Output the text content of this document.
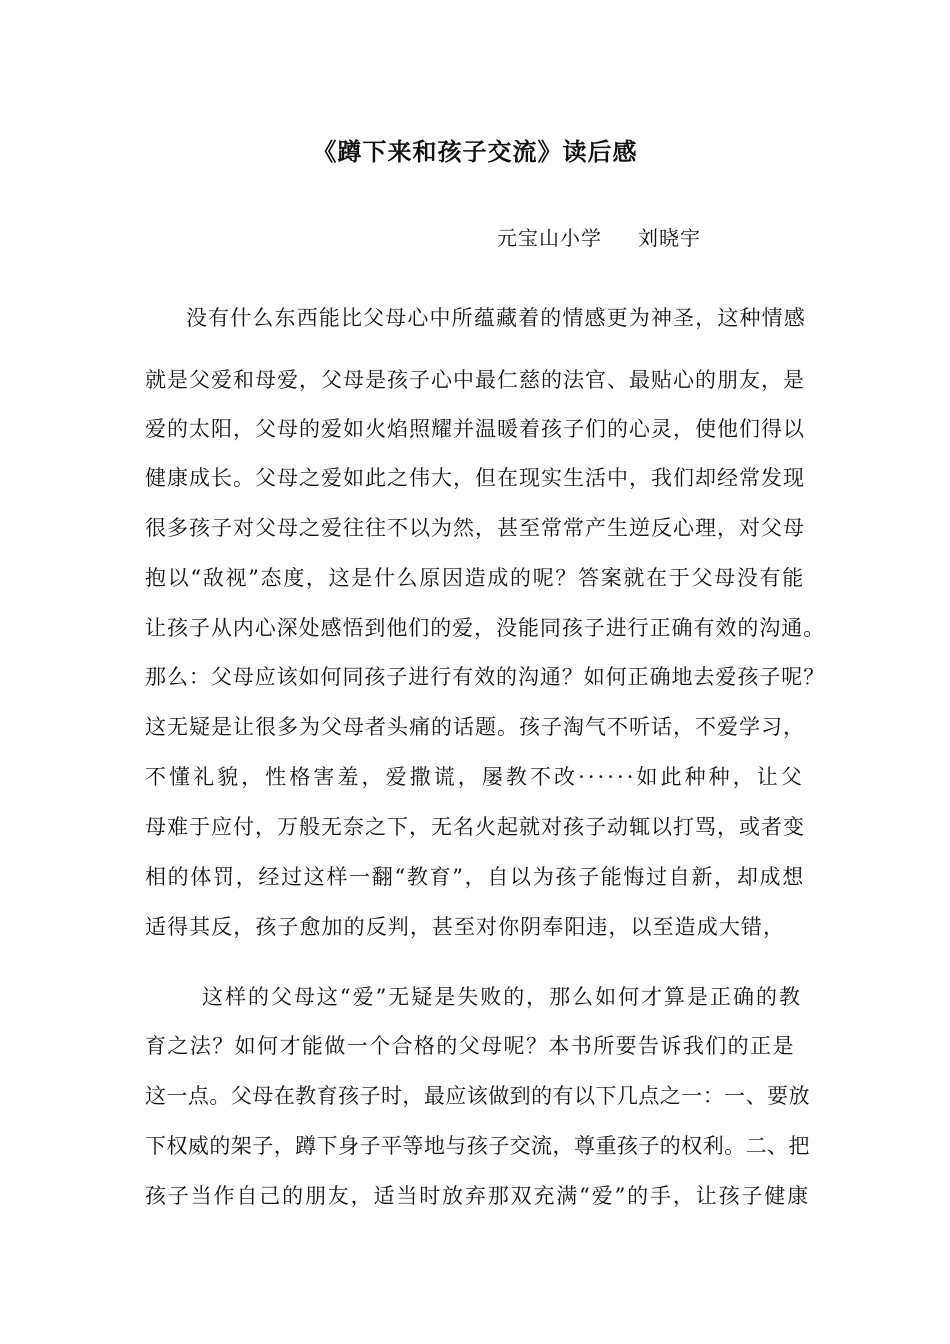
《蹲下来和孩子交流》读后感
元宝山小学 刘晓宇
没有什么东西能比父母心中所蕴藏着的情感更为神圣，这种情感
就是父爱和母爱，父母是孩子心中最仁慈的法官、最贴心的朋友，是
爱的太阳，父母的爱如火焰照耀并温暖着孩子们的心灵，使他们得以
健康成长。父母之爱如此之伟大，但在现实生活中，我们却经常发现
很多孩子对父母之爱往往不以为然，甚至常常产生逆反心理，对父母
抱以“敌视”态度，这是什么原因造成的呢？答案就在于父母没有能
让孩子从内心深处感悟到他们的爱，没能同孩子进行正确有效的沟通。
那么：父母应该如何同孩子进行有效的沟通？如何正确地去爱孩子呢？
这无疑是让很多为父母者头痛的话题。孩子淘气不听话，不爱学习，
不懂礼貌，性格害羞，爱撒谎，屡教不改······如此种种，让父
母难于应付，万般无奈之下，无名火起就对孩子动辄以打骂，或者变
相的体罚，经过这样一翻“教育”，自以为孩子能悔过自新，却成想
适得其反，孩子愈加的反判，甚至对你阴奉阳违，以至造成大错，
这样的父母这“爱”无疑是失败的，那么如何才算是正确的教
育之法？如何才能做一个合格的父母呢？本书所要告诉我们的正是
这一点。父母在教育孩子时，最应该做到的有以下几点之一：一、要放
下权威的架子，蹲下身子平等地与孩子交流，尊重孩子的权利。二、把
孩子当作自己的朋友，适当时放弃那双充满“爱”的手，让孩子健康
